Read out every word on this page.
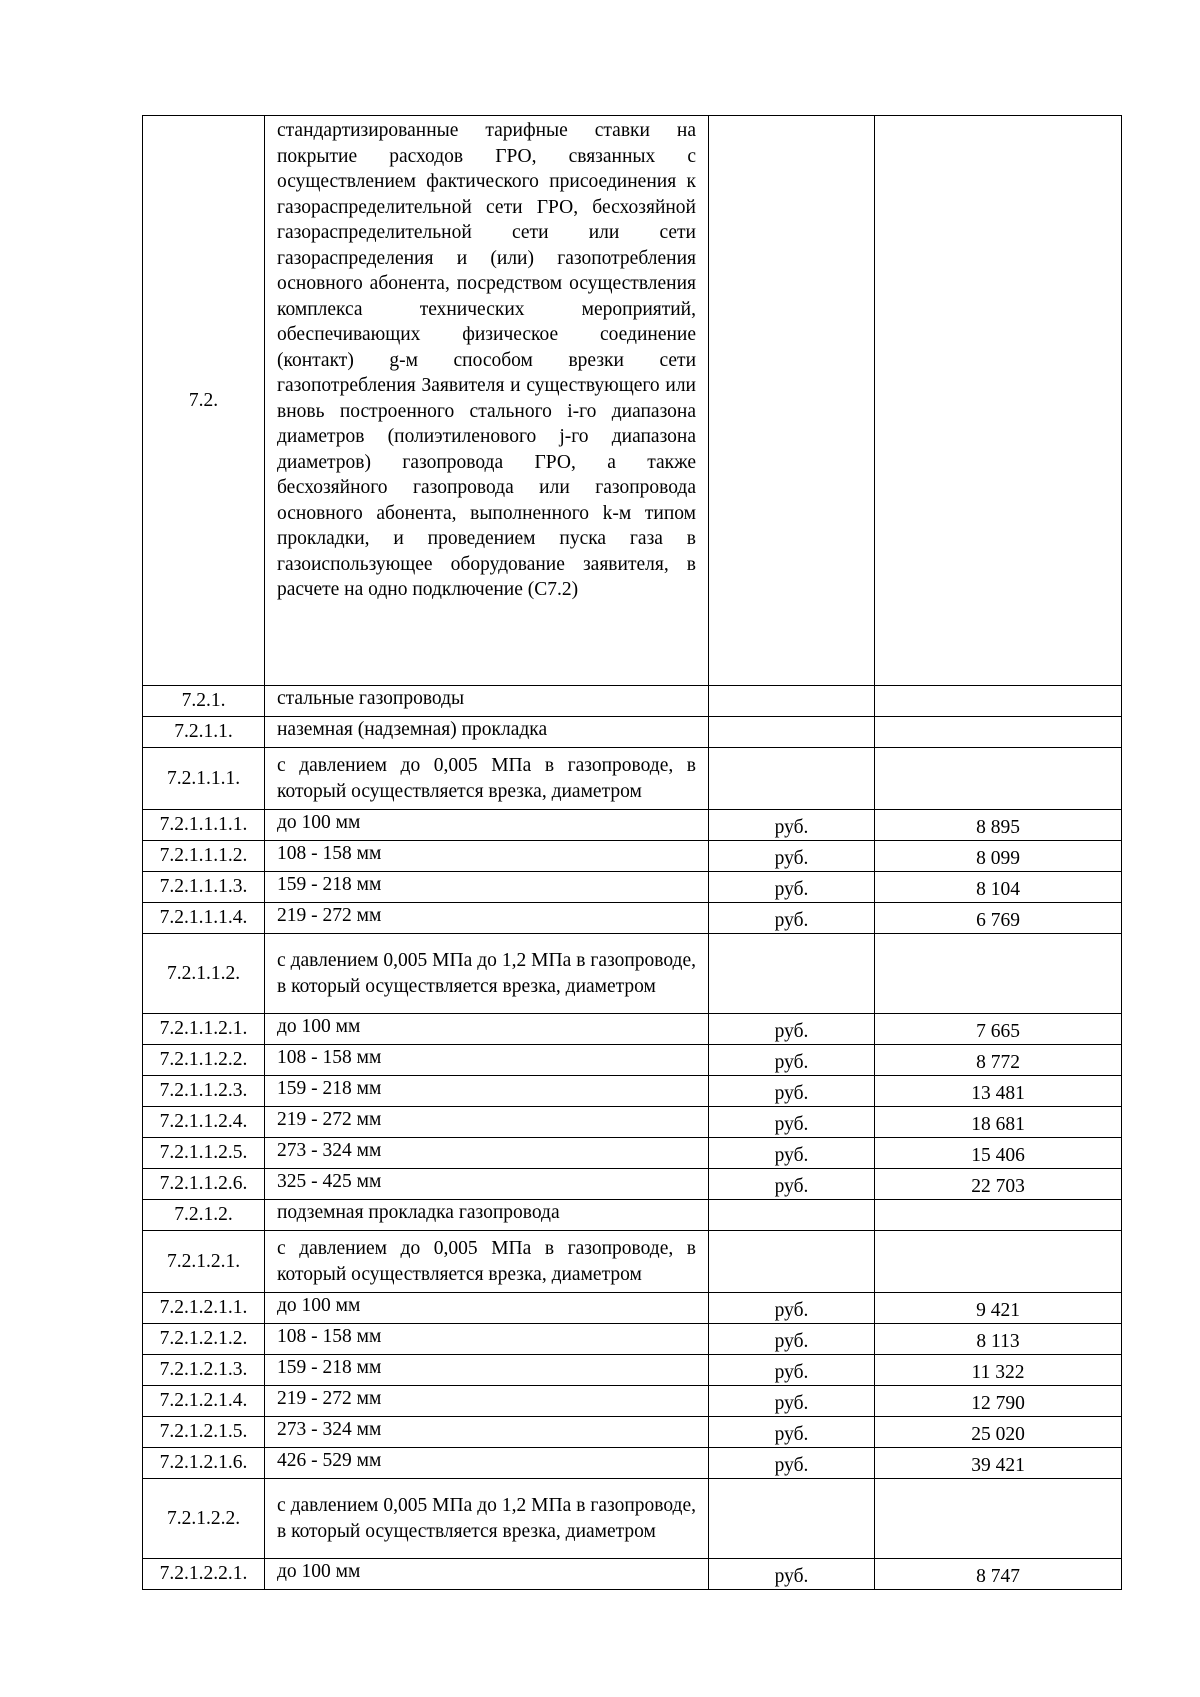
7.2.	стандартизированные тарифные ставки на покрытие расходов ГРО, связанных с осуществлением фактического присоединения к газораспределительной сети ГРО, бесхозяйной газораспределительной сети или сети газораспределения и (или) газопотребления основного абонента, посредством осуществления комплекса технических мероприятий, обеспечивающих физическое соединение (контакт) g-м способом врезки сети газопотребления Заявителя и существующего или вновь построенного стального i-го диапазона диаметров (полиэтиленового j-го диапазона диаметров) газопровода ГРО, а также бесхозяйного газопровода или газопровода основного абонента, выполненного k-м типом прокладки, и проведением пуска газа в газоиспользующее оборудование заявителя, в расчете на одно подключение (С7.2)		
7.2.1.	стальные газопроводы		
7.2.1.1.	наземная (надземная) прокладка		
7.2.1.1.1.	с давлением до 0,005 МПа в газопроводе, в который осуществляется врезка, диаметром		
7.2.1.1.1.1.	до 100 мм	руб.	8 895
7.2.1.1.1.2.	108 - 158 мм	руб.	8 099
7.2.1.1.1.3.	159 - 218 мм	руб.	8 104
7.2.1.1.1.4.	219 - 272 мм	руб.	6 769
7.2.1.1.2.	с давлением 0,005 МПа до 1,2 МПа в газопроводе, в который осуществляется врезка, диаметром		
7.2.1.1.2.1.	до 100 мм	руб.	7 665
7.2.1.1.2.2.	108 - 158 мм	руб.	8 772
7.2.1.1.2.3.	159 - 218 мм	руб.	13 481
7.2.1.1.2.4.	219 - 272 мм	руб.	18 681
7.2.1.1.2.5.	273 - 324 мм	руб.	15 406
7.2.1.1.2.6.	325 - 425 мм	руб.	22 703
7.2.1.2.	подземная прокладка газопровода		
7.2.1.2.1.	с давлением до 0,005 МПа в газопроводе, в который осуществляется врезка, диаметром		
7.2.1.2.1.1.	до 100 мм	руб.	9 421
7.2.1.2.1.2.	108 - 158 мм	руб.	8 113
7.2.1.2.1.3.	159 - 218 мм	руб.	11 322
7.2.1.2.1.4.	219 - 272 мм	руб.	12 790
7.2.1.2.1.5.	273 - 324 мм	руб.	25 020
7.2.1.2.1.6.	426 - 529 мм	руб.	39 421
7.2.1.2.2.	с давлением 0,005 МПа до 1,2 МПа в газопроводе, в который осуществляется врезка, диаметром		
7.2.1.2.2.1.	до 100 мм	руб.	8 747
